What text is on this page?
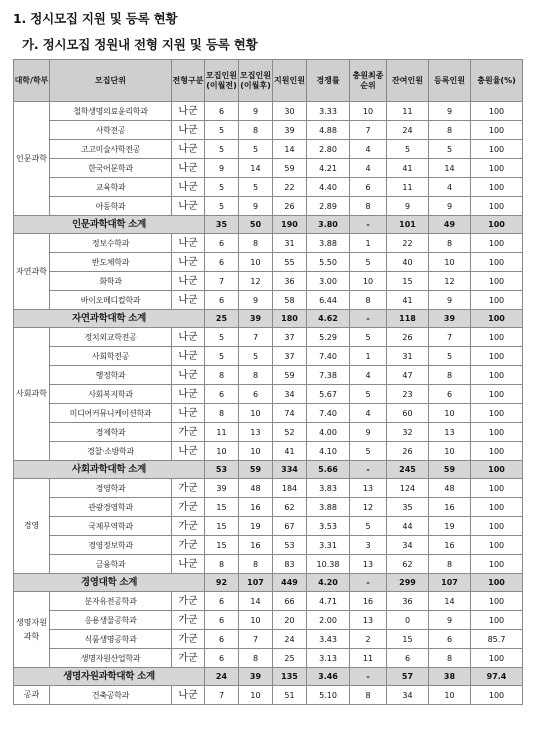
1. 정시모집 지원 및 등록 현황
가. 정시모집 정원내 전형 지원 및 등록 현황
대학/학부	모집단위	전형구분	모집인원(이월전)	모집인원(이월후)	지원인원	경쟁률	충원최종순위	잔여인원	등록인원	충원율(%)
인문과학	철학생명의료윤리학과	나군	6	9	30	3.33	10	11	9	100
	사학전공	나군	5	8	39	4.88	7	24	8	100
	고고미술사학전공	나군	5	5	14	2.80	4	5	5	100
	한국어문학과	나군	9	14	59	4.21	4	41	14	100
	교육학과	나군	5	5	22	4.40	6	11	4	100
	아동학과	나군	5	9	26	2.89	8	9	9	100
인문과학대학 소계			35	50	190	3.80	-	101	49	100
자연과학	정보수학과	나군	6	8	31	3.88	1	22	8	100
	반도체학과	나군	6	10	55	5.50	5	40	10	100
	화학과	나군	7	12	36	3.00	10	15	12	100
	바이오메디컬학과	나군	6	9	58	6.44	8	41	9	100
자연과학대학 소계			25	39	180	4.62	-	118	39	100
사회과학	정치외교학전공	나군	5	7	37	5.29	5	26	7	100
	사회학전공	나군	5	5	37	7.40	1	31	5	100
	행정학과	나군	8	8	59	7.38	4	47	8	100
	사회복지학과	나군	6	6	34	5.67	5	23	6	100
	미디어커뮤니케이션학과	나군	8	10	74	7.40	4	60	10	100
	경제학과	가군	11	13	52	4.00	9	32	13	100
	경찰·소방학과	나군	10	10	41	4.10	5	26	10	100
사회과학대학 소계			53	59	334	5.66	-	245	59	100
경영	경영학과	가군	39	48	184	3.83	13	124	48	100
	관광경영학과	가군	15	16	62	3.88	12	35	16	100
	국제무역학과	가군	15	19	67	3.53	5	44	19	100
	경영정보학과	가군	15	16	53	3.31	3	34	16	100
	금융학과	나군	8	8	83	10.38	13	62	8	100
경영대학 소계			92	107	449	4.20	-	299	107	100
생명자원과학	분자유전공학과	가군	6	14	66	4.71	16	36	14	100
	응용생물공학과	가군	6	10	20	2.00	13	0	9	100
	식품생명공학과	가군	6	7	24	3.43	2	15	6	85.7
	생명자원산업학과	가군	6	8	25	3.13	11	6	8	100
생명자원과학대학 소계			24	39	135	3.46	-	57	38	97.4
공과	건축공학과	나군	7	10	51	5.10	8	34	10	100
